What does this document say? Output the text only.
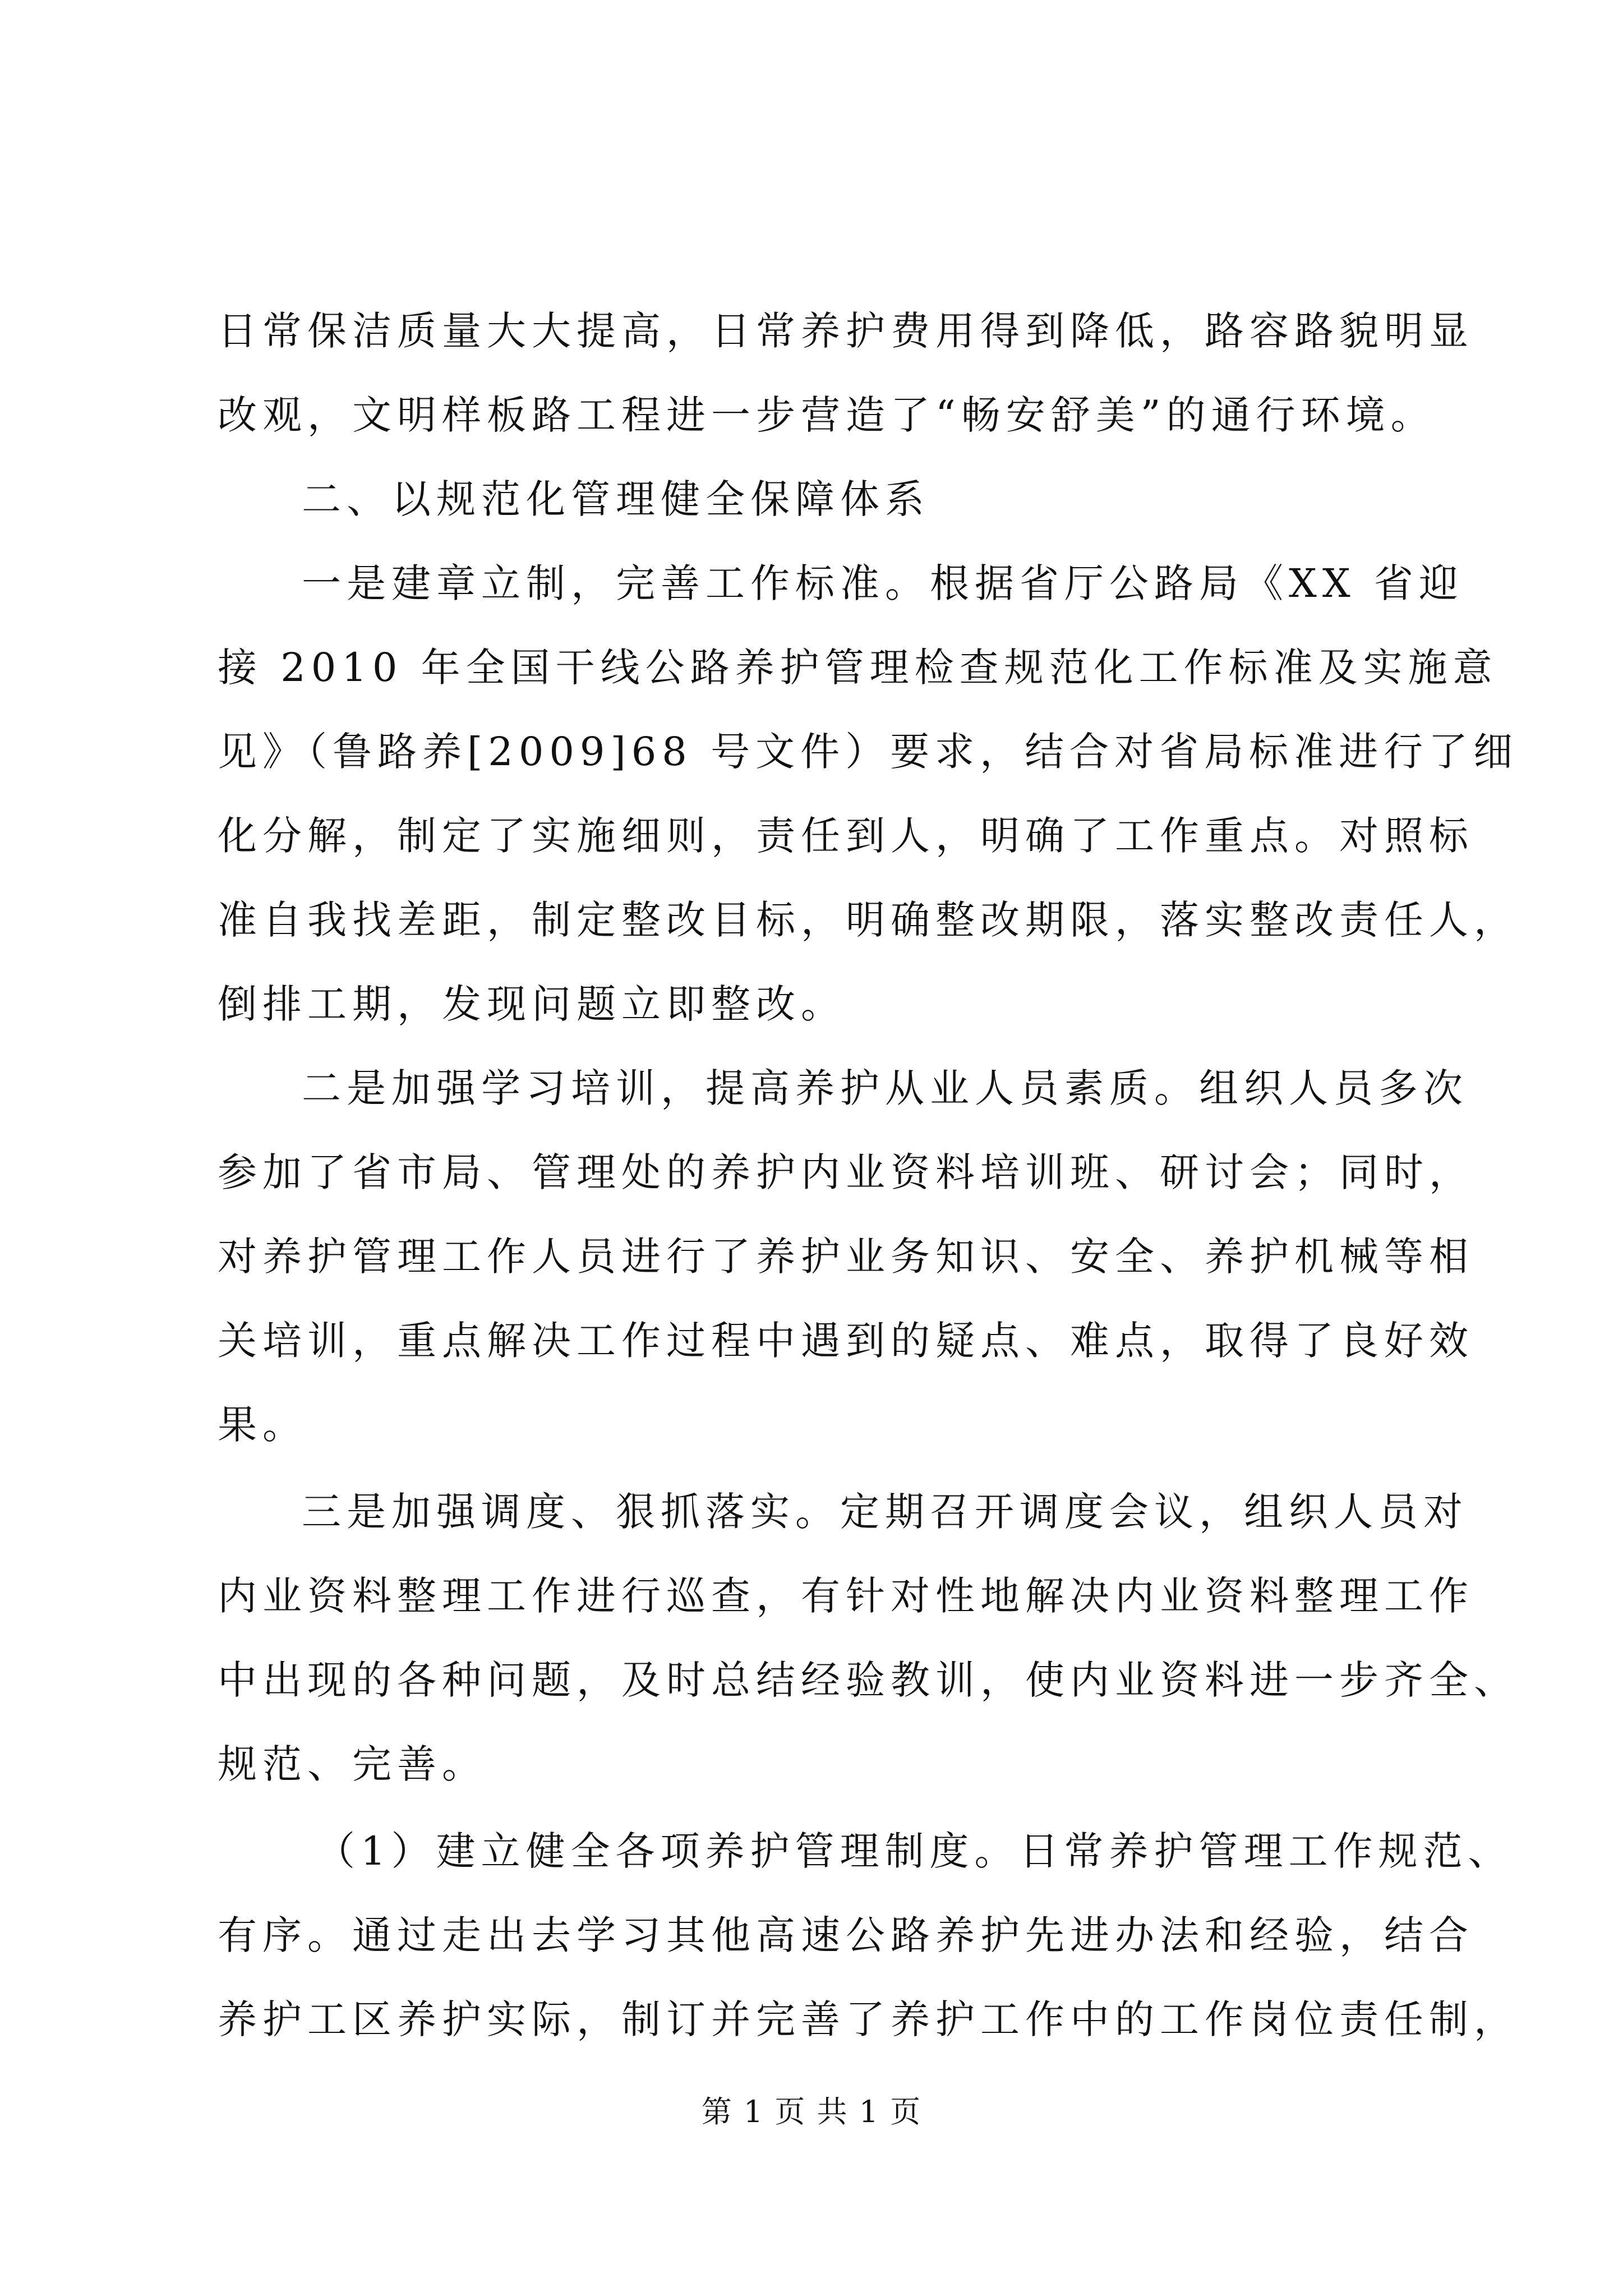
日常保洁质量大大提高，日常养护费用得到降低，路容路貌明显
改观，文明样板路工程进一步营造了“畅安舒美”的通行环境。
二、以规范化管理健全保障体系
一是建章立制，完善工作标准。根据省厅公路局《XX 省迎
接 2010 年全国干线公路养护管理检查规范化工作标准及实施意
见》（鲁路养[2009]68 号文件）要求，结合对省局标准进行了细
化分解，制定了实施细则，责任到人，明确了工作重点。对照标
准自我找差距，制定整改目标，明确整改期限，落实整改责任人，
倒排工期，发现问题立即整改。
二是加强学习培训，提高养护从业人员素质。组织人员多次
参加了省市局、管理处的养护内业资料培训班、研讨会；同时，
对养护管理工作人员进行了养护业务知识、安全、养护机械等相
关培训，重点解决工作过程中遇到的疑点、难点，取得了良好效
果。
三是加强调度、狠抓落实。定期召开调度会议，组织人员对
内业资料整理工作进行巡查，有针对性地解决内业资料整理工作
中出现的各种问题，及时总结经验教训，使内业资料进一步齐全、
规范、完善。
（1）建立健全各项养护管理制度。日常养护管理工作规范、
有序。通过走出去学习其他高速公路养护先进办法和经验，结合
养护工区养护实际，制订并完善了养护工作中的工作岗位责任制，
第 1 页 共 1 页
